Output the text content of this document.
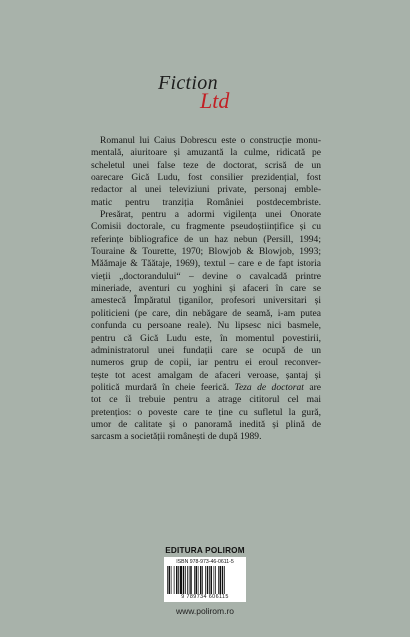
Fiction
Ltd
Romanul lui Caius Dobrescu este o construcție monu-
mentală, aiuritoare și amuzantă la culme, ridicată pe
scheletul unei false teze de doctorat, scrisă de un
oarecare Gică Ludu, fost consilier prezidențial, fost
redactor al unei televiziuni private, personaj emble-
matic pentru tranziția României postdecembriste.
Presărat, pentru a adormi vigilența unei Onorate
Comisii doctorale, cu fragmente pseudoștiințifice și cu
referințe bibliografice de un haz nebun (Persill, 1994;
Touraine & Tourette, 1970; Blowjob & Blowjob, 1993;
Măămaje & Tăătaje, 1969), textul – care e de fapt istoria
vieții „doctorandului“ – devine o cavalcadă printre
mineriade, aventuri cu yoghini și afaceri în care se
amestecă Împăratul țiganilor, profesori universitari și
politicieni (pe care, din nebăgare de seamă, i-am putea
confunda cu persoane reale). Nu lipsesc nici basmele,
pentru că Gică Ludu este, în momentul povestirii,
administratorul unei fundații care se ocupă de un
numeros grup de copii, iar pentru ei eroul reconver-
tește tot acest amalgam de afaceri veroase, șantaj și
politică murdară în cheie feerică. Teza de doctorat are
tot ce îi trebuie pentru a atrage cititorul cel mai
pretențios: o poveste care te ține cu sufletul la gură,
umor de calitate și o panoramă inedită și plină de
sarcasm a societății românești de după 1989.
EDITURA POLIROM
ISBN 978-973-46-0611-5
9 789734 606115
www.polirom.ro
